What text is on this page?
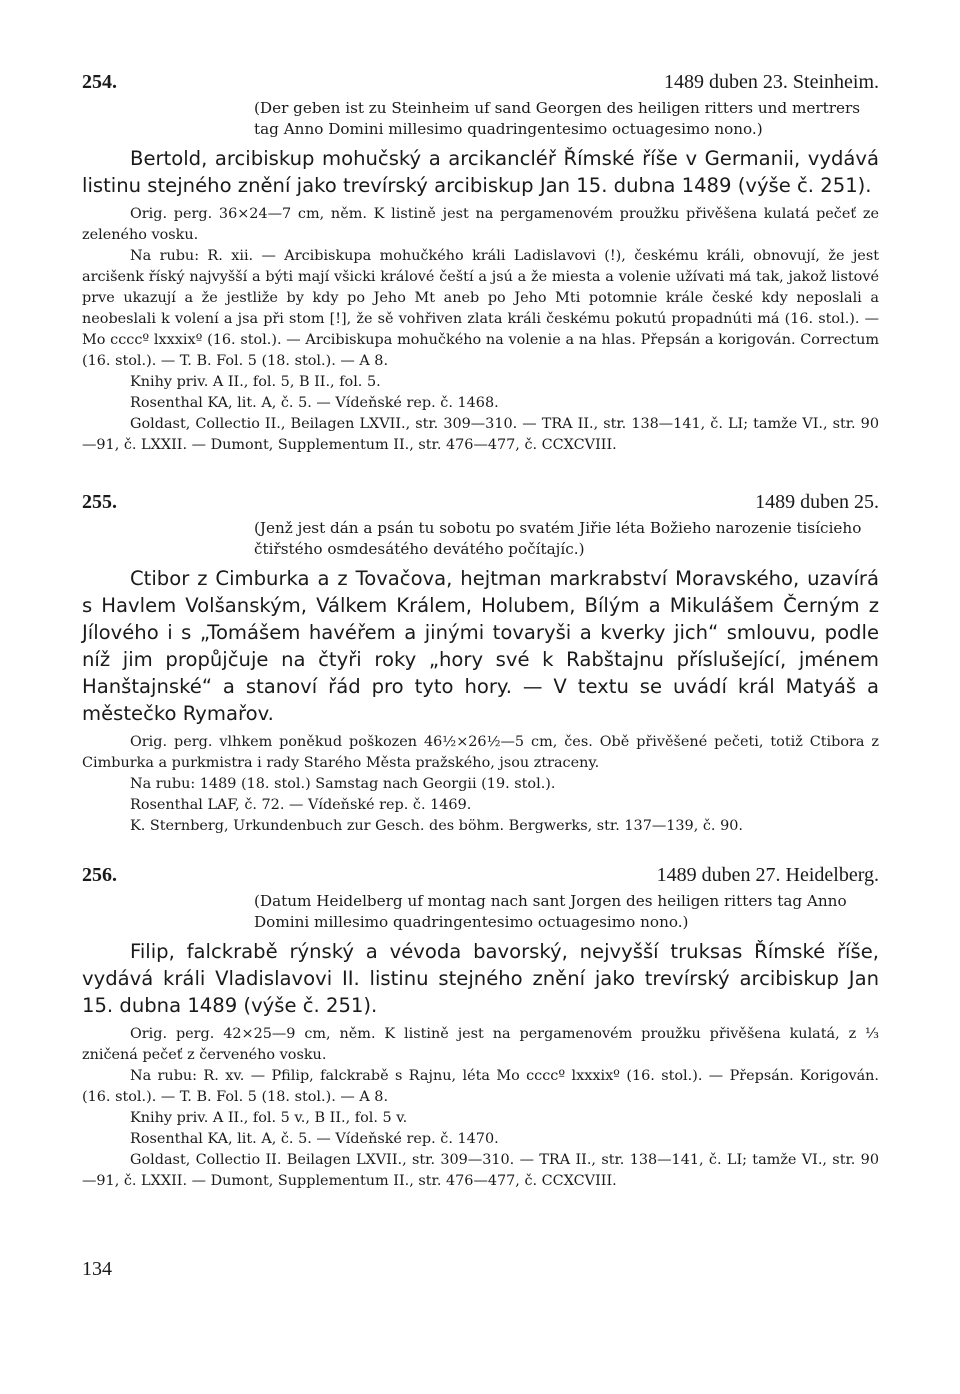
254.	1489 duben 23. Steinheim.
(Der geben ist zu Steinheim uf sand Georgen des heiligen ritters und mertrers tag Anno Domini millesimo quadringentesimo octuagesimo nono.)
Bertold, arcibiskup mohučský a arcikancléř Římské říše v Germanii, vydává listinu stejného znění jako trevírský arcibiskup Jan 15. dubna 1489 (výše č. 251).
Orig. perg. 36×24—7 cm, něm. K listině jest na pergamenovém proužku přivěšena kulatá pečeť ze zeleného vosku.
Na rubu: R. xii. — Arcibiskupa mohučkého králi Ladislavovi (!), českému králi, obnovují, že jest arcišenk říský najvyšší a býti mají všicki králové čeští a jsú a že miesta a volenie užívati má tak, jakož listové prve ukazují a že jestliže by kdy po Jeho Mt aneb po Jeho Mti potomnie krále české kdy neposlali a neobeslali k volení a jsa při stom [!], že sě vohřiven zlata králi českému pokutú propadnúti má (16. stol.). — Mo ccccº lxxxixº (16. stol.). — Arcibiskupa mohučkého na volenie a na hlas. Přepsán a korigován. Correctum (16. stol.). — T. B. Fol. 5 (18. stol.). — A 8.
Knihy priv. A II., fol. 5, B II., fol. 5.
Rosenthal KA, lit. A, č. 5. — Vídeňské rep. č. 1468.
Goldast, Collectio II., Beilagen LXVII., str. 309—310. — TRA II., str. 138—141, č. LI; tamže VI., str. 90—91, č. LXXII. — Dumont, Supplementum II., str. 476—477, č. CCXCVIII.
255.	1489 duben 25.
(Jenž jest dán a psán tu sobotu po svatém Jiřie léta Božieho narozenie tisícieho čtiřstého osmdesátého devátého počítajíc.)
Ctibor z Cimburka a z Tovačova, hejtman markrabství Moravského, uzavírá s Havlem Volšanským, Válkem Králem, Holubem, Bílým a Mikulášem Černým z Jílového i s „Tomášem havéřem a jinými tovaryši a kverky jich“ smlouvu, podle níž jim propůjčuje na čtyři roky „hory své k Rabštajnu příslušející, jménem Hanštajnské“ a stanoví řád pro tyto hory. — V textu se uvádí král Matyáš a městečko Rymařov.
Orig. perg. vlhkem poněkud poškozen 46½×26½—5 cm, čes. Obě přivěšené pečeti, totiž Ctibora z Cimburka a purkmistra i rady Starého Města pražského, jsou ztraceny.
Na rubu: 1489 (18. stol.) Samstag nach Georgii (19. stol.).
Rosenthal LAF, č. 72. — Vídeňské rep. č. 1469.
K. Sternberg, Urkundenbuch zur Gesch. des böhm. Bergwerks, str. 137—139, č. 90.
256.	1489 duben 27. Heidelberg.
(Datum Heidelberg uf montag nach sant Jorgen des heiligen ritters tag Anno Domini millesimo quadringentesimo octuagesimo nono.)
Filip, falckrabě rýnský a vévoda bavorský, nejvyšší truksas Římské říše, vydává králi Vladislavovi II. listinu stejného znění jako trevírský arcibiskup Jan 15. dubna 1489 (výše č. 251).
Orig. perg. 42×25—9 cm, něm. K listině jest na pergamenovém proužku přivěšena kulatá, z ⅓ zničená pečeť z červeného vosku.
Na rubu: R. xv. — Pfilip, falckrabě s Rajnu, léta Mo ccccº lxxxixº (16. stol.). — Přepsán. Korigován. (16. stol.). — T. B. Fol. 5 (18. stol.). — A 8.
Knihy priv. A II., fol. 5 v., B II., fol. 5 v.
Rosenthal KA, lit. A, č. 5. — Vídeňské rep. č. 1470.
Goldast, Collectio II. Beilagen LXVII., str. 309—310. — TRA II., str. 138—141, č. LI; tamže VI., str. 90—91, č. LXXII. — Dumont, Supplementum II., str. 476—477, č. CCXCVIII.
134
